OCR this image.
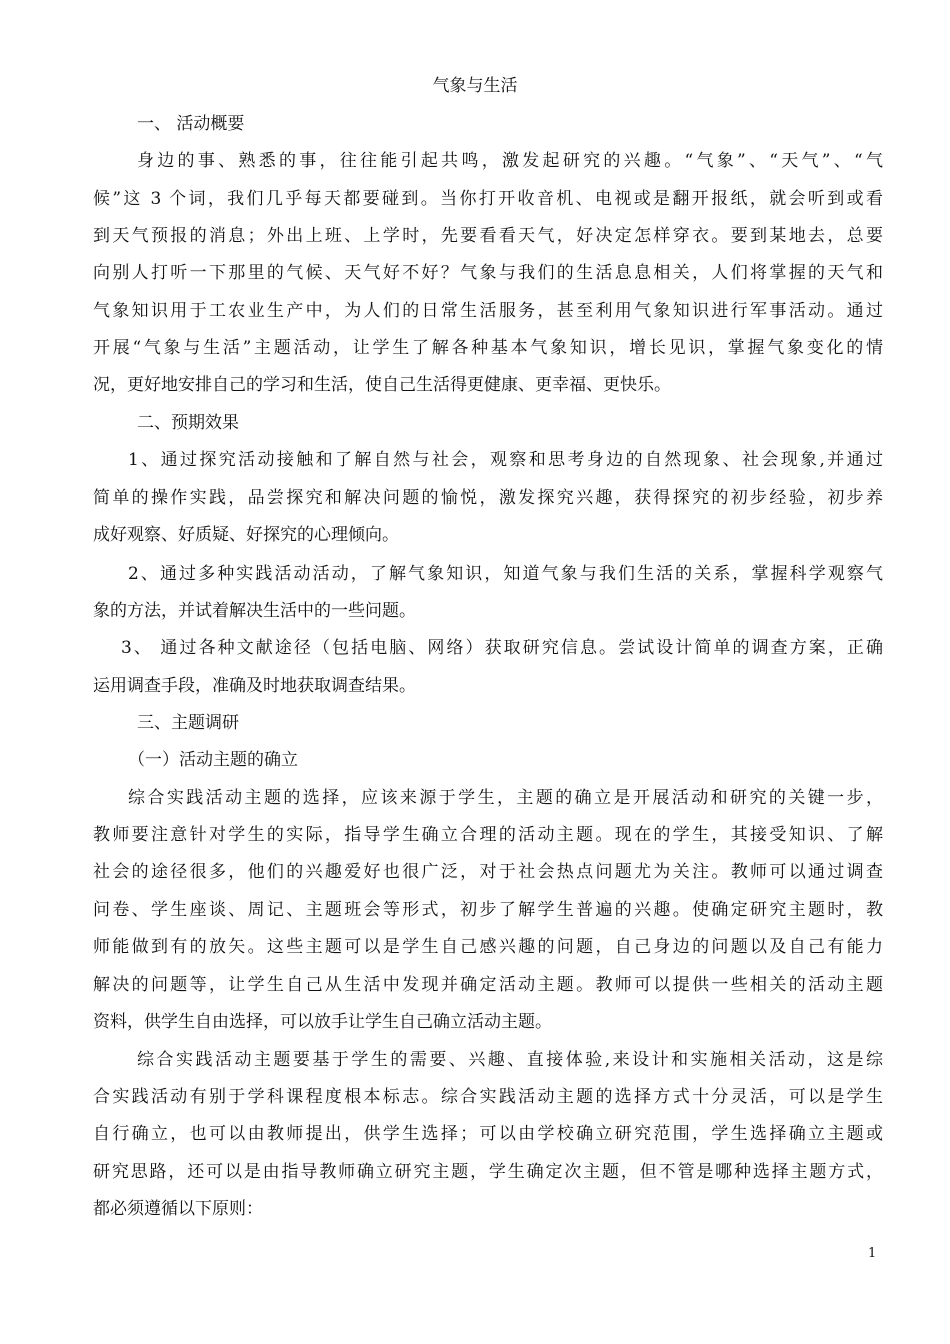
气象与生活
一、 活动概要
身边的事、熟悉的事，往往能引起共鸣，激发起研究的兴趣。“气象”、“天气”、“气
候”这 3 个词，我们几乎每天都要碰到。当你打开收音机、电视或是翻开报纸，就会听到或看
到天气预报的消息；外出上班、上学时，先要看看天气，好决定怎样穿衣。要到某地去，总要
向别人打听一下那里的气候、天气好不好？气象与我们的生活息息相关，人们将掌握的天气和
气象知识用于工农业生产中，为人们的日常生活服务，甚至利用气象知识进行军事活动。通过
开展“气象与生活”主题活动，让学生了解各种基本气象知识，增长见识，掌握气象变化的情
况，更好地安排自己的学习和生活，使自己生活得更健康、更幸福、更快乐。
二、预期效果
1、通过探究活动接触和了解自然与社会，观察和思考身边的自然现象、社会现象,并通过
简单的操作实践，品尝探究和解决问题的愉悦，激发探究兴趣，获得探究的初步经验，初步养
成好观察、好质疑、好探究的心理倾向。
2、通过多种实践活动活动，了解气象知识，知道气象与我们生活的关系，掌握科学观察气
象的方法，并试着解决生活中的一些问题。
3、 通过各种文献途径（包括电脑、网络）获取研究信息。尝试设计简单的调查方案，正确
运用调查手段，准确及时地获取调查结果。
三、主题调研
（一）活动主题的确立
综合实践活动主题的选择，应该来源于学生，主题的确立是开展活动和研究的关键一步，
教师要注意针对学生的实际，指导学生确立合理的活动主题。现在的学生，其接受知识、了解
社会的途径很多，他们的兴趣爱好也很广泛，对于社会热点问题尤为关注。教师可以通过调查
问卷、学生座谈、周记、主题班会等形式，初步了解学生普遍的兴趣。使确定研究主题时，教
师能做到有的放矢。这些主题可以是学生自己感兴趣的问题，自己身边的问题以及自己有能力
解决的问题等，让学生自己从生活中发现并确定活动主题。教师可以提供一些相关的活动主题
资料，供学生自由选择，可以放手让学生自己确立活动主题。
综合实践活动主题要基于学生的需要、兴趣、直接体验,来设计和实施相关活动，这是综
合实践活动有别于学科课程度根本标志。综合实践活动主题的选择方式十分灵活，可以是学生
自行确立，也可以由教师提出，供学生选择；可以由学校确立研究范围，学生选择确立主题或
研究思路，还可以是由指导教师确立研究主题，学生确定次主题，但不管是哪种选择主题方式，
都必须遵循以下原则：
1
